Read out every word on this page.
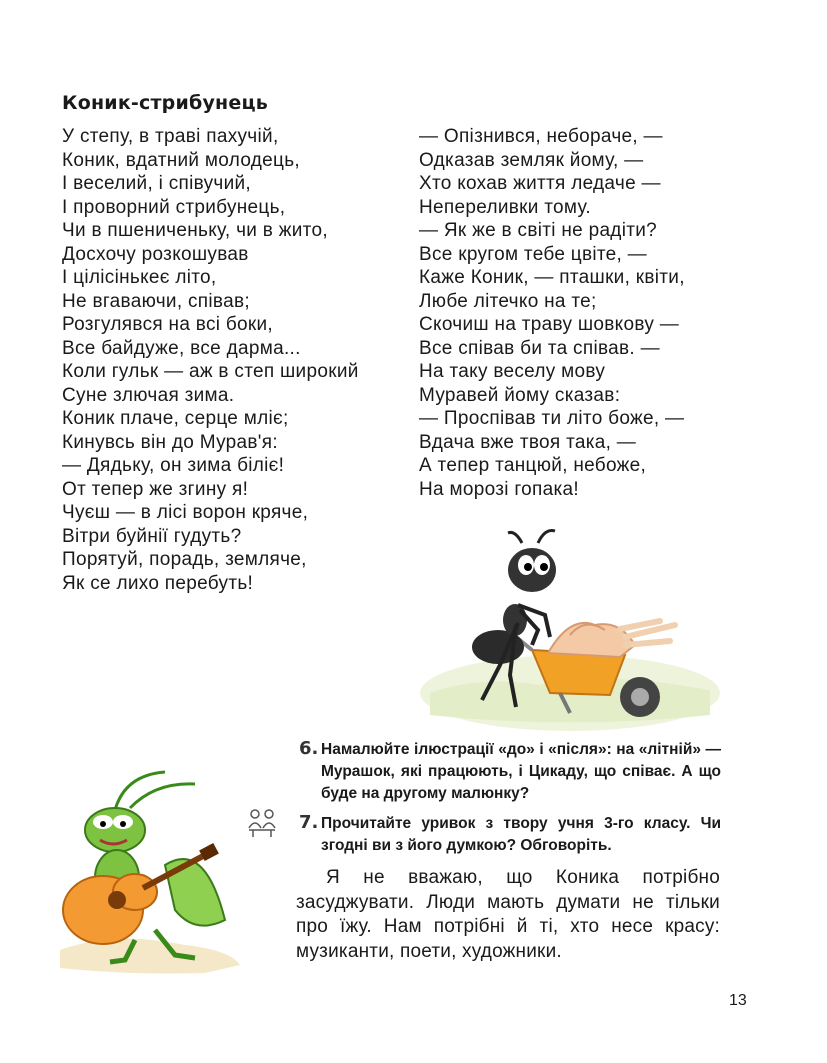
Коник-стрибунець
У степу, в траві пахучій,
Коник, вдатний молодець,
І веселий, і співучий,
І проворний стрибунець,
Чи в пшениченьку, чи в жито,
Досхочу розкошував
І цілісінькеє літо,
Не вгаваючи, співав;
Розгулявся на всі боки,
Все байдуже, все дарма...
Коли гульк — аж в степ широкий
Суне злючая зима.
Коник плаче, серце мліє;
Кинувсь він до Мурав'я:
— Дядьку, он зима біліє!
От тепер же згину я!
Чуєш — в лісі ворон кряче,
Вітри буйнії гудуть?
Порятуй, порадь, земляче,
Як се лихо перебуть!
— Опізнився, небораче, —
Одказав земляк йому, —
Хто кохав життя ледаче —
Непереливки тому.
— Як же в світі не радіти?
Все кругом тебе цвіте, —
Каже Коник, — пташки, квіти,
Любе літечко на те;
Скочиш на траву шовкову —
Все співав би та співав. —
На таку веселу мову
Муравей йому сказав:
— Проспівав ти літо боже, —
Вдача вже твоя така, —
А тепер танцюй, небоже,
На морозі гопака!
6. Намалюйте ілюстрації «до» і «після»: на «літній» — Мурашок, які працюють, і Цикаду, що співає. А що буде на другому малюнку?
7. Прочитайте уривок з твору учня 3-го класу. Чи згодні ви з його думкою? Обговоріть.

Я не вважаю, що Коника потрібно засуджувати. Люди мають думати не тільки про їжу. Нам потрібні й ті, хто несе красу: музиканти, поети, художники.

13
